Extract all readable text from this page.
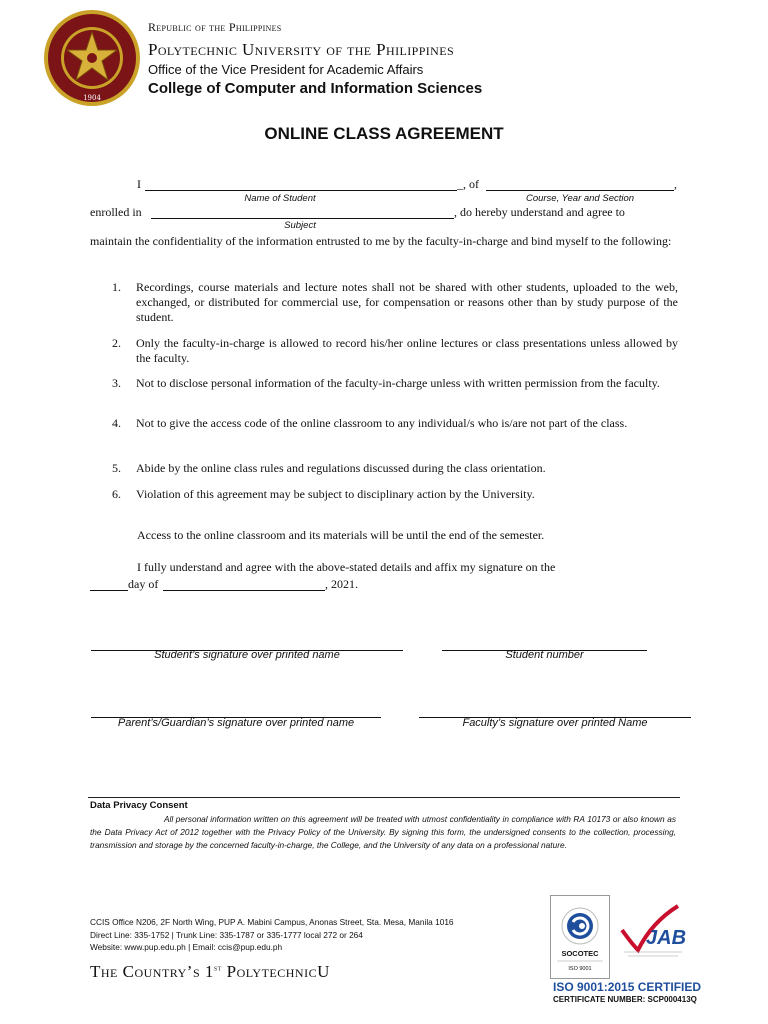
1904
Republic of the Philippines
Polytechnic University of the Philippines
Office of the Vice President for Academic Affairs
College of Computer and Information Sciences
ONLINE CLASS AGREEMENT
I	_, of	,
Name of Student	Course, Year and Section
enrolled in	, do hereby understand and agree to
Subject
maintain the confidentiality of the information entrusted to me by the faculty-in-charge and bind myself to the following:
1. Recordings, course materials and lecture notes shall not be shared with other students, uploaded to the web, exchanged, or distributed for commercial use, for compensation or reasons other than by study purpose of the student.
2. Only the faculty-in-charge is allowed to record his/her online lectures or class presentations unless allowed by the faculty.
3. Not to disclose personal information of the faculty-in-charge unless with written permission from the faculty.
4. Not to give the access code of the online classroom to any individual/s who is/are not part of the class.
5. Abide by the online class rules and regulations discussed during the class orientation.
6. Violation of this agreement may be subject to disciplinary action by the University.
Access to the online classroom and its materials will be until the end of the semester.
I fully understand and agree with the above-stated details and affix my signature on the
day of	, 2021.
Student’s signature over printed name	Student number
Parent’s/Guardian’s signature over printed name	Faculty’s signature over printed Name
Data Privacy Consent
All personal information written on this agreement will be treated with utmost confidentiality in compliance with RA 10173 or also known as the Data Privacy Act of 2012 together with the Privacy Policy of the University. By signing this form, the undersigned consents to the collection, processing, transmission and storage by the concerned faculty-in-charge, the College, and the University of any data on a professional nature.
CCIS Office N206, 2F North Wing, PUP A. Mabini Campus, Anonas Street, Sta. Mesa, Manila 1016
Direct Line: 335-1752 | Trunk Line: 335-1787 or 335-1777 local 272 or 264
Website: www.pup.edu.ph | Email: ccis@pup.edu.ph
The Country’s 1st PolytechnicU
SOCOTEC
ISO 9001
JAB
ISO 9001:2015 CERTIFIED
CERTIFICATE NUMBER: SCP000413Q
